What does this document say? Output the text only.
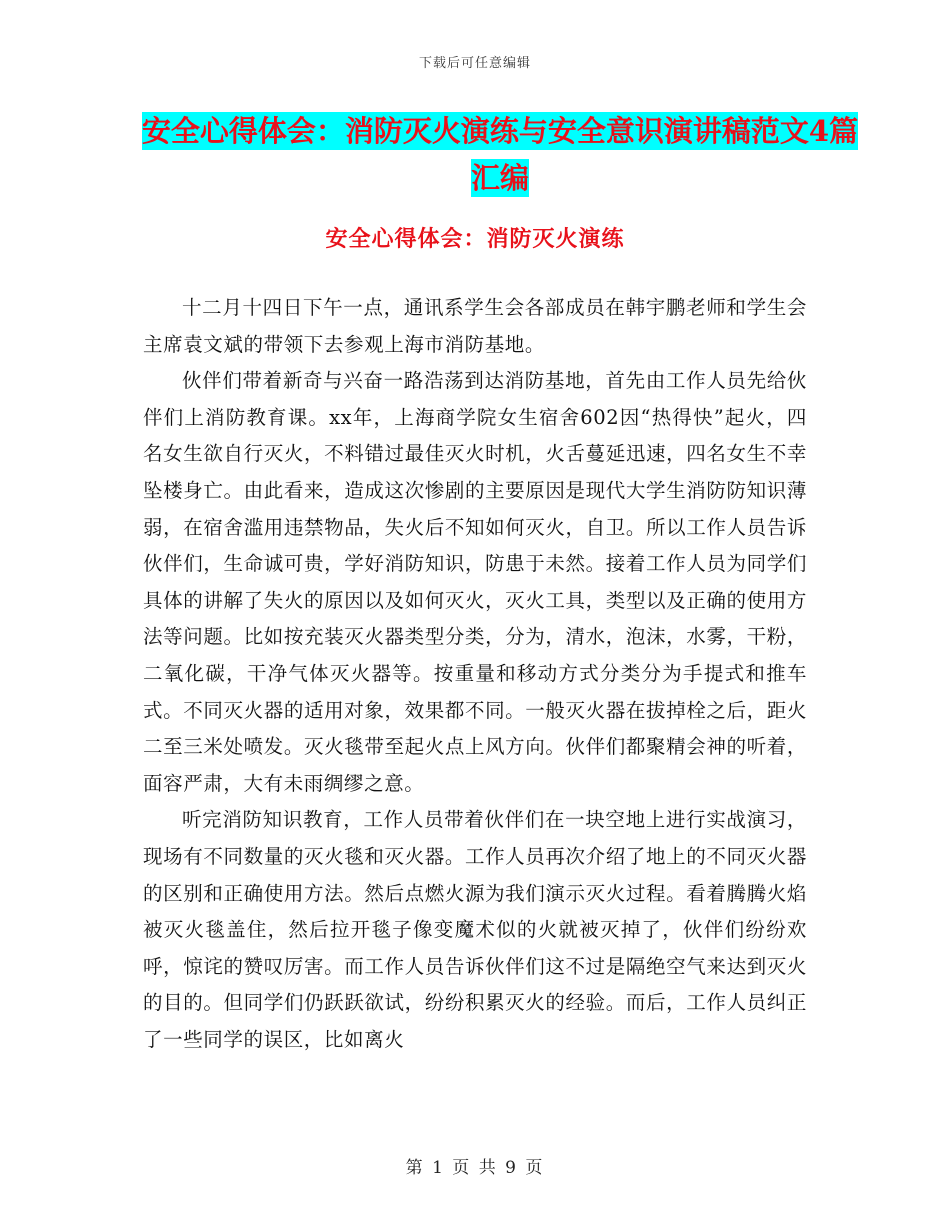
下载后可任意编辑
安全心得体会：消防灭火演练与安全意识演讲稿范文4篇汇编
安全心得体会：消防灭火演练

十二月十四日下午一点，通讯系学生会各部成员在韩宇鹏老师和学生会主席袁文斌的带领下去参观上海市消防基地。

伙伴们带着新奇与兴奋一路浩荡到达消防基地，首先由工作人员先给伙伴们上消防教育课。xx年，上海商学院女生宿舍602因“热得快”起火，四名女生欲自行灭火，不料错过最佳灭火时机，火舌蔓延迅速，四名女生不幸坠楼身亡。由此看来，造成这次惨剧的主要原因是现代大学生消防防知识薄弱，在宿舍滥用违禁物品，失火后不知如何灭火，自卫。所以工作人员告诉伙伴们，生命诚可贵，学好消防知识，防患于未然。接着工作人员为同学们具体的讲解了失火的原因以及如何灭火，灭火工具，类型以及正确的使用方法等问题。比如按充装灭火器类型分类，分为，清水，泡沫，水雾，干粉，二氧化碳，干净气体灭火器等。按重量和移动方式分类分为手提式和推车式。不同灭火器的适用对象，效果都不同。一般灭火器在拔掉栓之后，距火二至三米处喷发。灭火毯带至起火点上风方向。伙伴们都聚精会神的听着，面容严肃，大有未雨绸缪之意。

听完消防知识教育，工作人员带着伙伴们在一块空地上进行实战演习，现场有不同数量的灭火毯和灭火器。工作人员再次介绍了地上的不同灭火器的区别和正确使用方法。然后点燃火源为我们演示灭火过程。看着腾腾火焰被灭火毯盖住，然后拉开毯子像变魔术似的火就被灭掉了，伙伴们纷纷欢呼，惊诧的赞叹厉害。而工作人员告诉伙伴们这不过是隔绝空气来达到灭火的目的。但同学们仍跃跃欲试，纷纷积累灭火的经验。而后，工作人员纠正了一些同学的误区，比如离火

第 1 页 共 9 页
